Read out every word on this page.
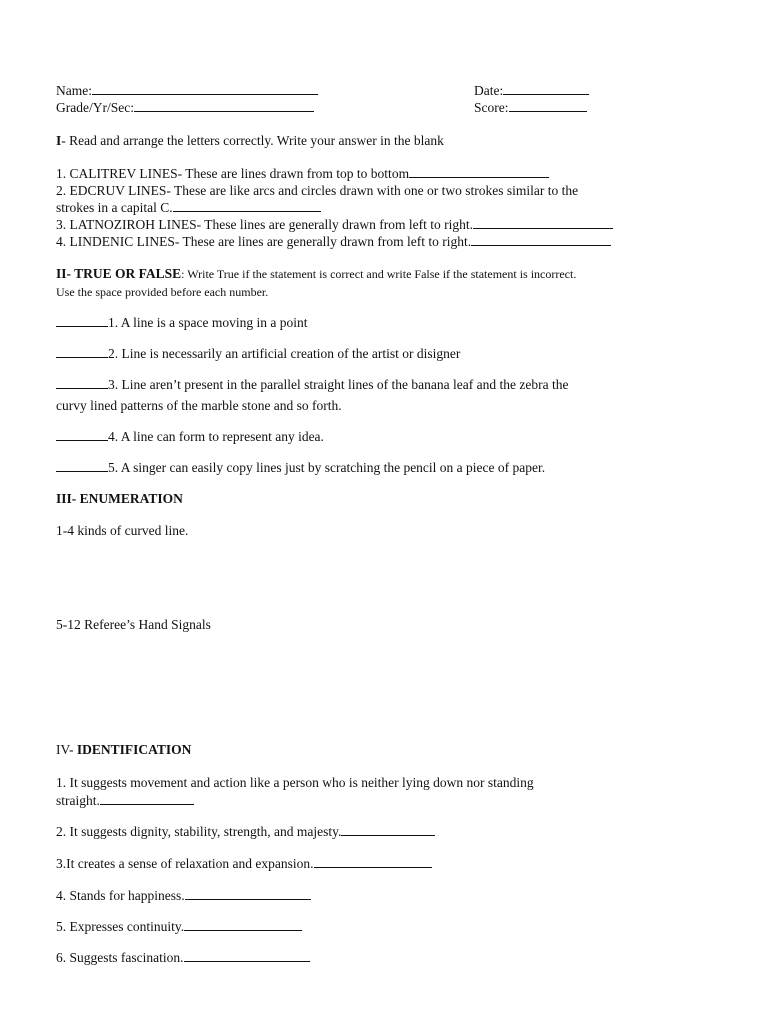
Name:	Date:
Grade/Yr/Sec:	Score:
I- Read and arrange the letters correctly. Write your answer in the blank
1. CALITREV LINES- These are lines drawn from top to bottom
2. EDCRUV LINES- These are like arcs and circles drawn with one or two strokes similar to the
strokes in a capital C.
3. LATNOZIROH LINES- These lines are generally drawn from left to right.
4. LINDENIC LINES- These are lines are generally drawn from left to right.
II- TRUE OR FALSE: Write True if the statement is correct and write False if the statement is incorrect.
Use the space provided before each number.
1. A line is a space moving in a point
2. Line is necessarily an artificial creation of the artist or disigner
3. Line aren’t present in the parallel straight lines of the banana leaf and the zebra the
curvy lined patterns of the marble stone and so forth.
4. A line can form to represent any idea.
5. A singer can easily copy lines just by scratching the pencil on a piece of paper.
III- ENUMERATION
1-4 kinds of curved line.
5-12 Referee’s Hand Signals
IV- IDENTIFICATION
1. It suggests movement and action like a person who is neither lying down nor standing
straight.
2. It suggests dignity, stability, strength, and majesty.
3.It creates a sense of relaxation and expansion.
4. Stands for happiness.
5. Expresses continuity.
6. Suggests fascination.
